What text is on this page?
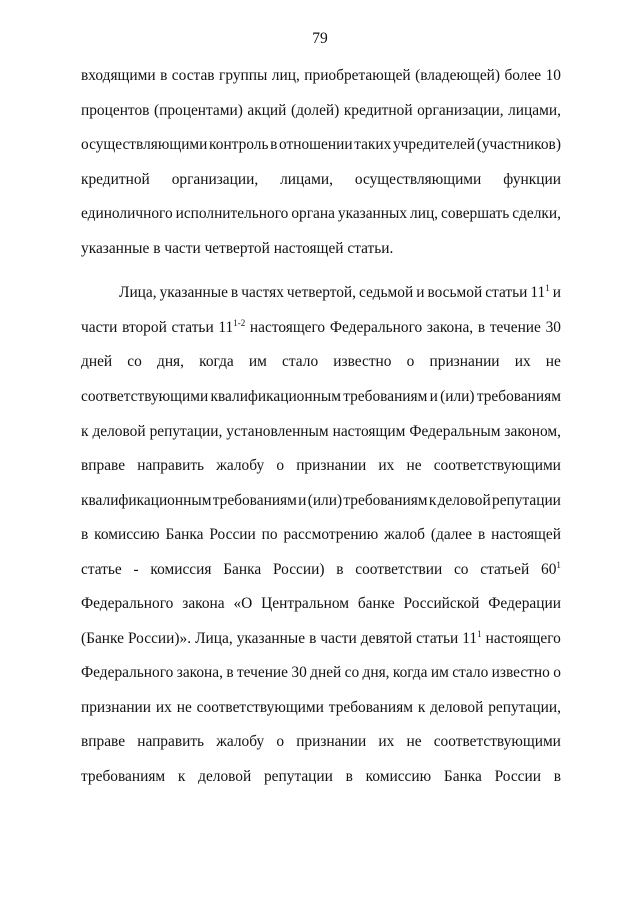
79
входящими в состав группы лиц, приобретающей (владеющей) более 10
процентов (процентами) акций (долей) кредитной организации, лицами,
осуществляющими контроль в отношении таких учредителей (участников)
кредитной организации, лицами, осуществляющими функции
единоличного исполнительного органа указанных лиц, совершать сделки,
указанные в части четвертой настоящей статьи.
Лица, указанные в частях четвертой, седьмой и восьмой статьи $11^1$ и
части второй статьи 11$^{1-2}$ настоящего Федерального закона, в течение 30
дней со дня, когда им стало известно о признании их не
соответствующими квалификационным требованиям и (или) требованиям
к деловой репутации, установленным настоящим Федеральным законом,
вправе направить жалобу о признании их не соответствующими
квалификационным требованиям и (или) требованиям к деловой репутации
в комиссию Банка России по рассмотрению жалоб (далее в настоящей
статье - комиссия Банка России) в соответствии со статьей $60^1$
Федерального закона «О Центральном банке Российской Федерации
(Банке России)». Лица, указанные в части девятой статьи $11^1$ настоящего
Федерального закона, в течение 30 дней со дня, когда им стало известно о
признании их не соответствующими требованиям к деловой репутации,
вправе направить жалобу о признании их не соответствующими
требованиям к деловой репутации в комиссию Банка России в
